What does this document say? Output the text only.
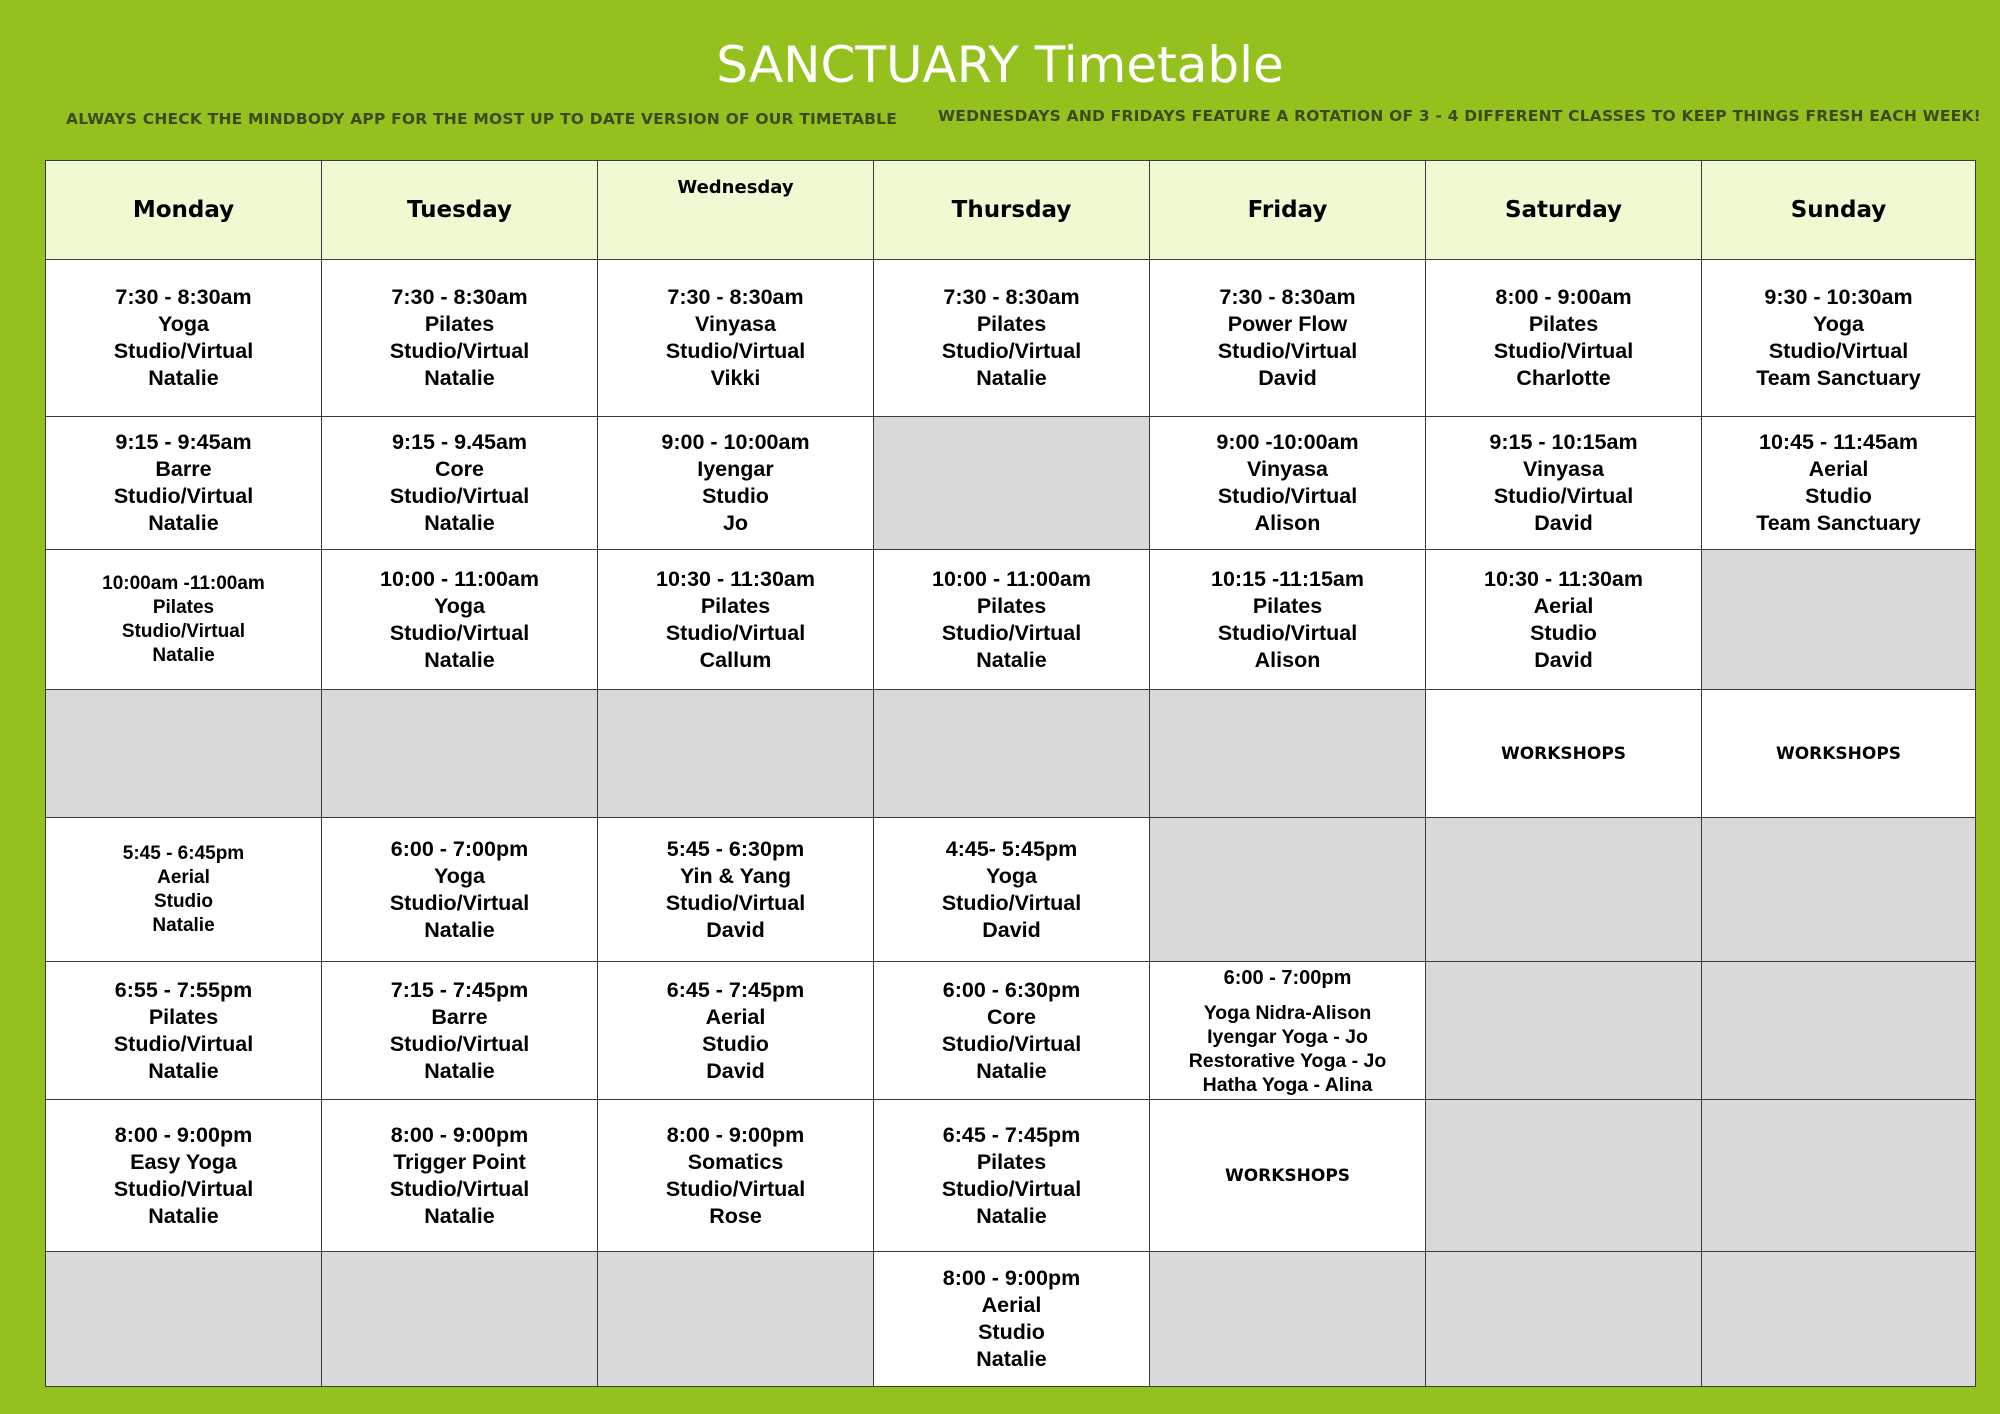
SANCTUARY Timetable
ALWAYS CHECK THE MINDBODY APP FOR THE MOST UP TO DATE VERSION OF OUR TIMETABLE	WEDNESDAYS AND FRIDAYS FEATURE A ROTATION OF 3 - 4 DIFFERENT CLASSES TO KEEP THINGS FRESH EACH WEEK!
Monday	Tuesday	Wednesday	Thursday	Friday	Saturday	Sunday

7:30 - 8:30am
Yoga
Studio/Virtual
Natalie	7:30 - 8:30am
Pilates
Studio/Virtual
Natalie	7:30 - 8:30am
Vinyasa
Studio/Virtual
Vikki	7:30 - 8:30am
Pilates
Studio/Virtual
Natalie	7:30 - 8:30am
Power Flow
Studio/Virtual
David	8:00 - 9:00am
Pilates
Studio/Virtual
Charlotte	9:30 - 10:30am
Yoga
Studio/Virtual
Team Sanctuary

9:15 - 9:45am
Barre
Studio/Virtual
Natalie	9:15 - 9.45am
Core
Studio/Virtual
Natalie	9:00 - 10:00am
Iyengar
Studio
Jo		9:00 -10:00am
Vinyasa
Studio/Virtual
Alison	9:15 - 10:15am
Vinyasa
Studio/Virtual
David	10:45 - 11:45am
Aerial
Studio
Team Sanctuary

10:00am -11:00am
Pilates
Studio/Virtual
Natalie	10:00 - 11:00am
Yoga
Studio/Virtual
Natalie	10:30 - 11:30am
Pilates
Studio/Virtual
Callum	10:00 - 11:00am
Pilates
Studio/Virtual
Natalie	10:15 -11:15am
Pilates
Studio/Virtual
Alison	10:30 - 11:30am
Aerial
Studio
David	

					WORKSHOPS	WORKSHOPS

5:45 - 6:45pm
Aerial
Studio
Natalie	6:00 - 7:00pm
Yoga
Studio/Virtual
Natalie	5:45 - 6:30pm
Yin & Yang
Studio/Virtual
David	4:45- 5:45pm
Yoga
Studio/Virtual
David			

6:55 - 7:55pm
Pilates
Studio/Virtual
Natalie	7:15 - 7:45pm
Barre
Studio/Virtual
Natalie	6:45 - 7:45pm
Aerial
Studio
David	6:00 - 6:30pm
Core
Studio/Virtual
Natalie	6:00 - 7:00pm
Yoga Nidra-Alison
Iyengar Yoga - Jo
Restorative Yoga - Jo
Hatha Yoga - Alina		

8:00 - 9:00pm
Easy Yoga
Studio/Virtual
Natalie	8:00 - 9:00pm
Trigger Point
Studio/Virtual
Natalie	8:00 - 9:00pm
Somatics
Studio/Virtual
Rose	6:45 - 7:45pm
Pilates
Studio/Virtual
Natalie	WORKSHOPS		

			8:00 - 9:00pm
Aerial
Studio
Natalie			
